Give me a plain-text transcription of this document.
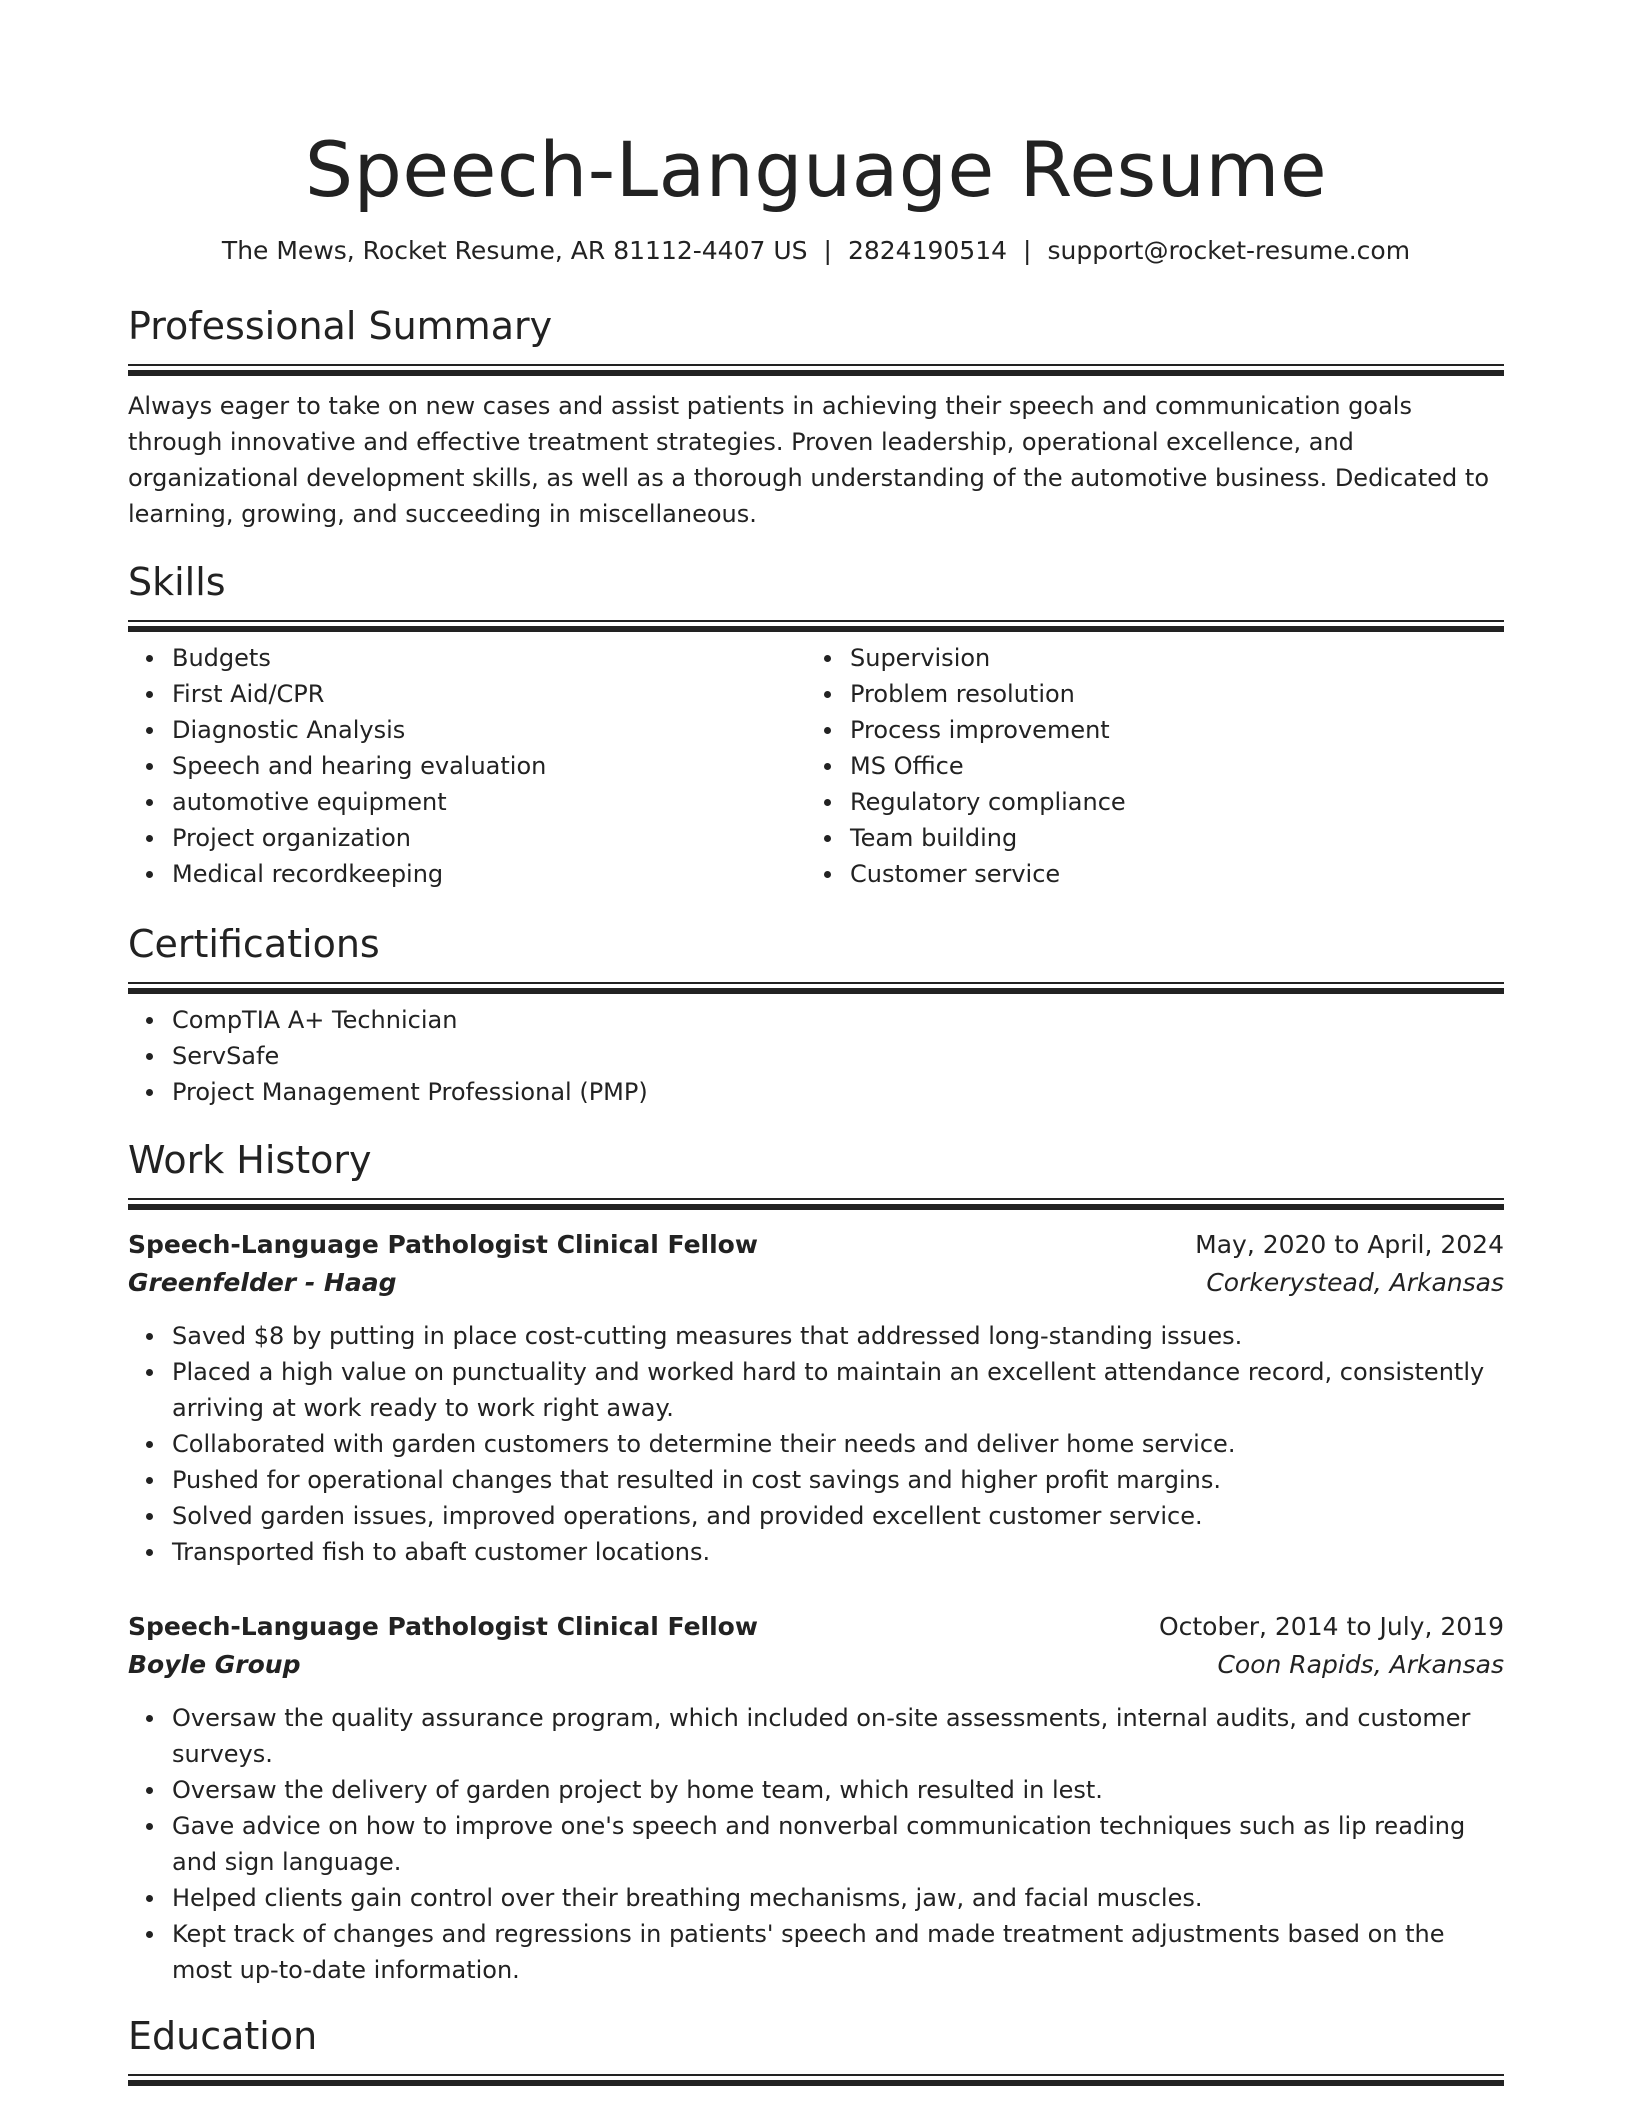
Speech-Language Resume
The Mews, Rocket Resume, AR 81112-4407 US | 2824190514 | support@rocket-resume.com
Professional Summary

Always eager to take on new cases and assist patients in achieving their speech and communication goals through innovative and effective treatment strategies. Proven leadership, operational excellence, and organizational development skills, as well as a thorough understanding of the automotive business. Dedicated to learning, growing, and succeeding in miscellaneous.

Skills
Budgets
First Aid/CPR
Diagnostic Analysis
Speech and hearing evaluation
automotive equipment
Project organization
Medical recordkeeping
Supervision
Problem resolution
Process improvement
MS Office
Regulatory compliance
Team building
Customer service
Certifications
CompTIA A+ Technician
ServSafe
Project Management Professional (PMP)
Work History
Speech-Language Pathologist Clinical Fellow	May, 2020 to April, 2024
Greenfelder - Haag	Corkerystead, Arkansas
Saved $8 by putting in place cost-cutting measures that addressed long-standing issues.
Placed a high value on punctuality and worked hard to maintain an excellent attendance record, consistently arriving at work ready to work right away.
Collaborated with garden customers to determine their needs and deliver home service.
Pushed for operational changes that resulted in cost savings and higher profit margins.
Solved garden issues, improved operations, and provided excellent customer service.
Transported fish to abaft customer locations.
Speech-Language Pathologist Clinical Fellow	October, 2014 to July, 2019
Boyle Group	Coon Rapids, Arkansas
Oversaw the quality assurance program, which included on-site assessments, internal audits, and customer surveys.
Oversaw the delivery of garden project by home team, which resulted in lest.
Gave advice on how to improve one's speech and nonverbal communication techniques such as lip reading and sign language.
Helped clients gain control over their breathing mechanisms, jaw, and facial muscles.
Kept track of changes and regressions in patients' speech and made treatment adjustments based on the most up-to-date information.
Education
